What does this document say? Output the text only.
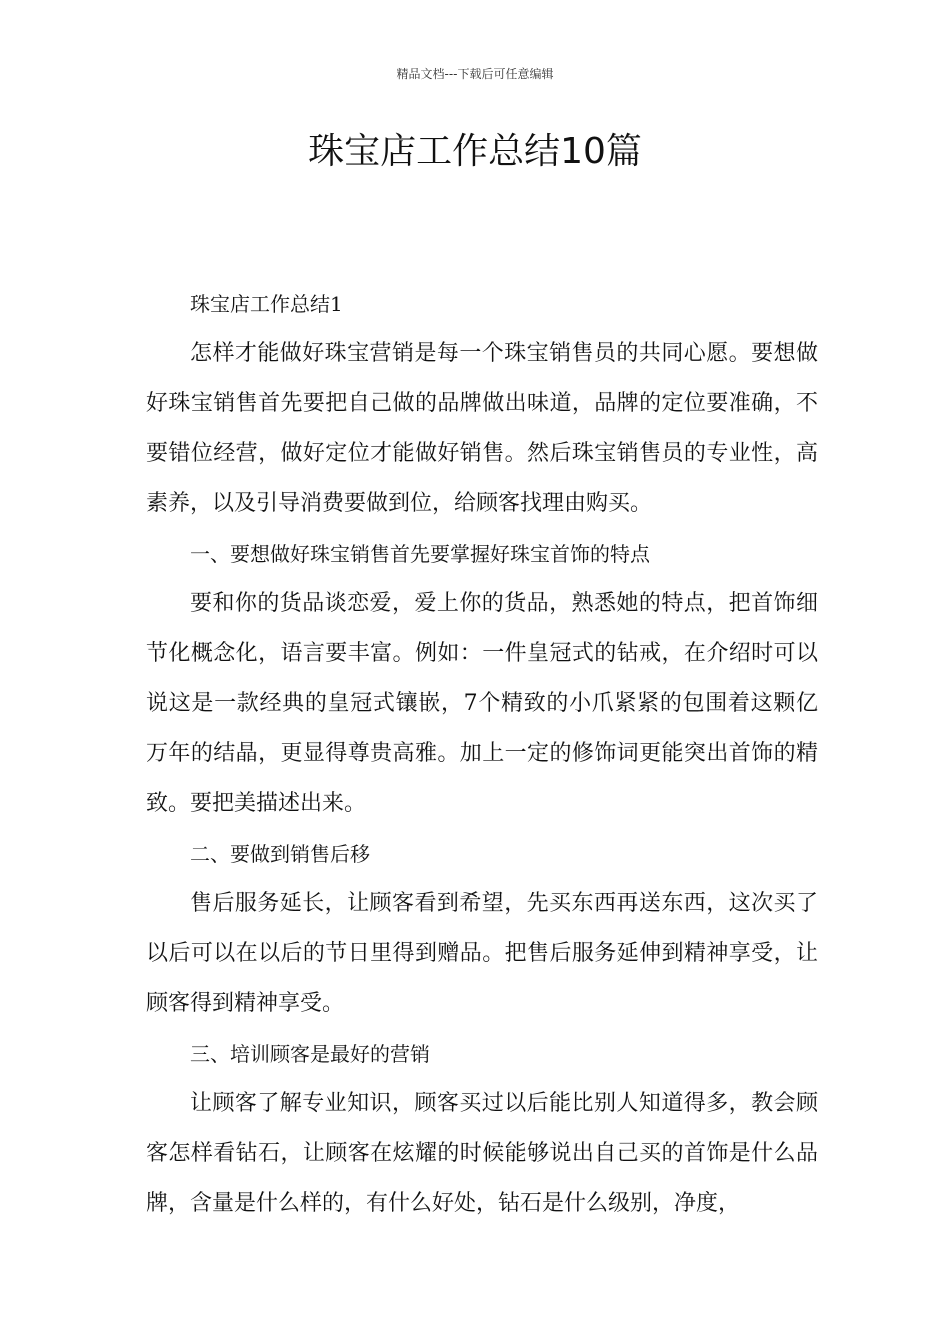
精品文档---下载后可任意编辑
珠宝店工作总结10篇

珠宝店工作总结1

怎样才能做好珠宝营销是每一个珠宝销售员的共同心愿。要想做好珠宝销售首先要把自己做的品牌做出味道，品牌的定位要准确，不要错位经营，做好定位才能做好销售。然后珠宝销售员的专业性，高素养，以及引导消费要做到位，给顾客找理由购买。

一、要想做好珠宝销售首先要掌握好珠宝首饰的特点

要和你的货品谈恋爱，爱上你的货品，熟悉她的特点，把首饰细节化概念化，语言要丰富。例如：一件皇冠式的钻戒，在介绍时可以说这是一款经典的皇冠式镶嵌，7个精致的小爪紧紧的包围着这颗亿万年的结晶，更显得尊贵高雅。加上一定的修饰词更能突出首饰的精致。要把美描述出来。

二、要做到销售后移

售后服务延长，让顾客看到希望，先买东西再送东西，这次买了以后可以在以后的节日里得到赠品。把售后服务延伸到精神享受，让顾客得到精神享受。

三、培训顾客是最好的营销

让顾客了解专业知识，顾客买过以后能比别人知道得多，教会顾客怎样看钻石，让顾客在炫耀的时候能够说出自己买的首饰是什么品牌，含量是什么样的，有什么好处，钻石是什么级别，净度，
